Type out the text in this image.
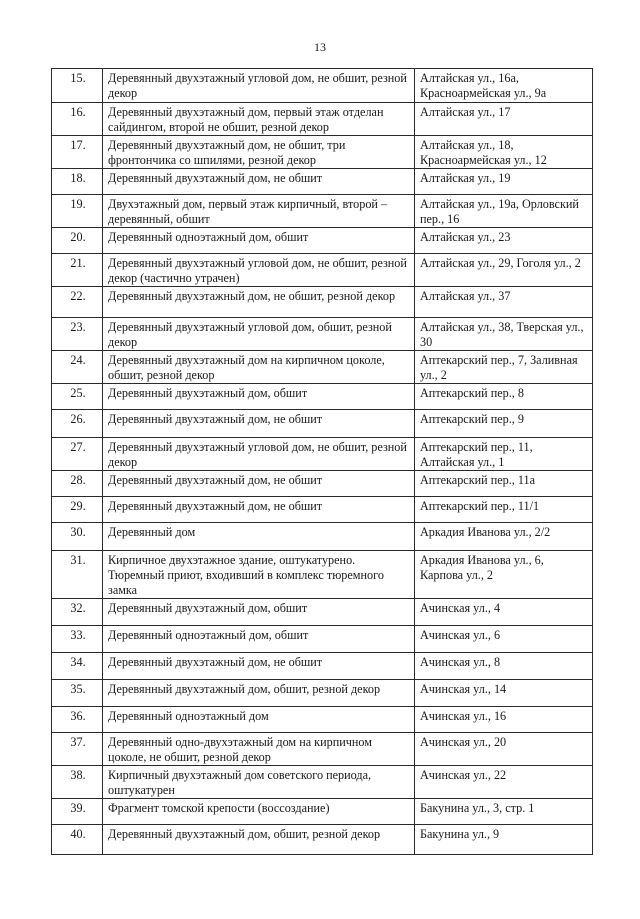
13
15.	Деревянный двухэтажный угловой дом, не обшит, резной декор	Алтайская ул., 16а, Красноармейская ул., 9а
16.	Деревянный двухэтажный дом, первый этаж отделан сайдингом, второй не обшит, резной декор	Алтайская ул., 17
17.	Деревянный двухэтажный дом, не обшит, три фронтончика со шпилями, резной декор	Алтайская ул., 18, Красноармейская ул., 12
18.	Деревянный двухэтажный дом, не обшит	Алтайская ул., 19
19.	Двухэтажный дом, первый этаж кирпичный, второй – деревянный, обшит	Алтайская ул., 19а, Орловский пер., 16
20.	Деревянный одноэтажный дом, обшит	Алтайская ул., 23
21.	Деревянный двухэтажный угловой дом, не обшит, резной декор (частично утрачен)	Алтайская ул., 29, Гоголя ул., 2
22.	Деревянный двухэтажный дом, не обшит, резной декор	Алтайская ул., 37
23.	Деревянный двухэтажный угловой дом, обшит, резной декор	Алтайская ул., 38, Тверская ул., 30
24.	Деревянный двухэтажный дом на кирпичном цоколе, обшит, резной декор	Аптекарский пер., 7, Заливная ул., 2
25.	Деревянный двухэтажный дом, обшит	Аптекарский пер., 8
26.	Деревянный двухэтажный дом, не обшит	Аптекарский пер., 9
27.	Деревянный двухэтажный угловой дом, не обшит, резной декор	Аптекарский пер., 11, Алтайская ул., 1
28.	Деревянный двухэтажный дом, не обшит	Аптекарский пер., 11а
29.	Деревянный двухэтажный дом, не обшит	Аптекарский пер., 11/1
30.	Деревянный дом	Аркадия Иванова ул., 2/2
31.	Кирпичное двухэтажное здание, оштукатурено. Тюремный приют, входивший в комплекс тюремного замка	Аркадия Иванова ул., 6, Карпова ул., 2
32.	Деревянный двухэтажный дом, обшит	Ачинская ул., 4
33.	Деревянный одноэтажный дом, обшит	Ачинская ул., 6
34.	Деревянный двухэтажный дом, не обшит	Ачинская ул., 8
35.	Деревянный двухэтажный дом, обшит, резной декор	Ачинская ул., 14
36.	Деревянный одноэтажный дом	Ачинская ул., 16
37.	Деревянный одно-двухэтажный дом на кирпичном цоколе, не обшит, резной декор	Ачинская ул., 20
38.	Кирпичный двухэтажный дом советского периода, оштукатурен	Ачинская ул., 22
39.	Фрагмент томской крепости (воссоздание)	Бакунина ул., 3, стр. 1
40.	Деревянный двухэтажный дом, обшит, резной декор	Бакунина ул., 9
